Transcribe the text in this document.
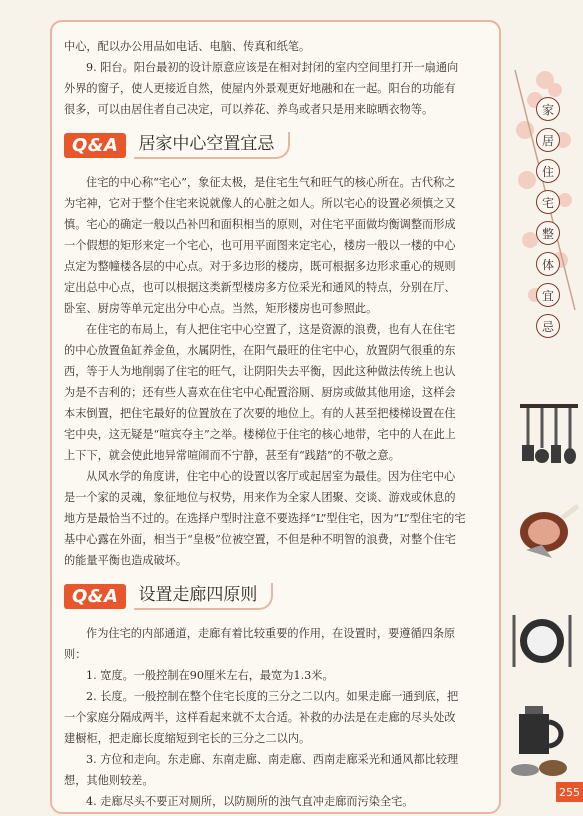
中心，配以办公用品如电话、电脑、传真和纸笔。

9. 阳台。阳台最初的设计原意应该是在相对封闭的室内空间里打开一扇通向外界的窗子，使人更接近自然，使屋内外景观更好地融和在一起。阳台的功能有很多，可以由居住者自己决定，可以养花、养鸟或者只是用来晾晒衣物等。

Q&A	居家中心空置宜忌

住宅的中心称“宅心”，象征太极，是住宅生气和旺气的核心所在。古代称之为宅神，它对于整个住宅来说就像人的心脏之如人。所以宅心的设置必须慎之又慎。宅心的确定一般以凸补凹和面积相当的原则，对住宅平面做均衡调整而形成一个假想的矩形来定一个宅心，也可用平面图来定宅心，楼房一般以一楼的中心点定为整幢楼各层的中心点。对于多边形的楼房，既可根据多边形求重心的规则定出总中心点，也可以根据这类新型楼房多方位采光和通风的特点，分别在厅、卧室、厨房等单元定出分中心点。当然，矩形楼房也可参照此。

在住宅的布局上，有人把住宅中心空置了，这是资源的浪费，也有人在住宅的中心放置鱼缸养金鱼，水属阴性，在阳气最旺的住宅中心，放置阴气很重的东西，等于人为地削弱了住宅的旺气，让阴阳失去平衡，因此这种做法传统上也认为是不吉利的；还有些人喜欢在住宅中心配置浴厕、厨房或做其他用途，这样会本末倒置，把住宅最好的位置放在了次要的地位上。有的人甚至把楼梯设置在住宅中央，这无疑是“喧宾夺主”之举。楼梯位于住宅的核心地带，宅中的人在此上上下下，就会使此地异常喧闹而不宁静，甚至有“践踏”的不敬之意。

从风水学的角度讲，住宅中心的设置以客厅或起居室为最佳。因为住宅中心是一个家的灵魂，象征地位与权势，用来作为全家人团聚、交谈、游戏或休息的地方是最恰当不过的。在选择户型时注意不要选择“L”型住宅，因为“L”型住宅的宅基中心露在外面，相当于“皇极”位被空置，不但是种不明智的浪费，对整个住宅的能量平衡也造成破坏。

Q&A	设置走廊四原则

作为住宅的内部通道，走廊有着比较重要的作用，在设置时，要遵循四条原则：

1. 宽度。一般控制在90厘米左右，最宽为1.3米。

2. 长度。一般控制在整个住宅长度的三分之二以内。如果走廊一通到底，把一个家庭分隔成两半，这样看起来就不太合适。补救的办法是在走廊的尽头处改建橱柜，把走廊长度缩短到宅长的三分之二以内。

3. 方位和走向。东走廊、东南走廊、南走廊、西南走廊采光和通风都比较理想，其他则较差。

4. 走廊尽头不要正对厕所，以防厕所的浊气直冲走廊而污染全宅。

家
居
住
宅
整
体
宜
忌
255
